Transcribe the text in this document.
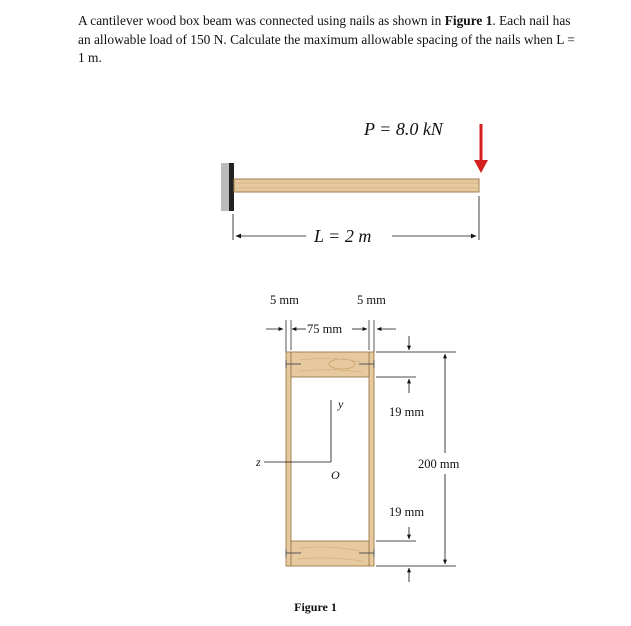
A cantilever wood box beam was connected using nails as shown in Figure 1. Each nail has an allowable load of 150 N. Calculate the maximum allowable spacing of the nails when L = 1 m.
P = 8.0 kN
L = 2 m
5 mm	5 mm
75 mm
y
z
O
19 mm
19 mm
200 mm
Figure 1
